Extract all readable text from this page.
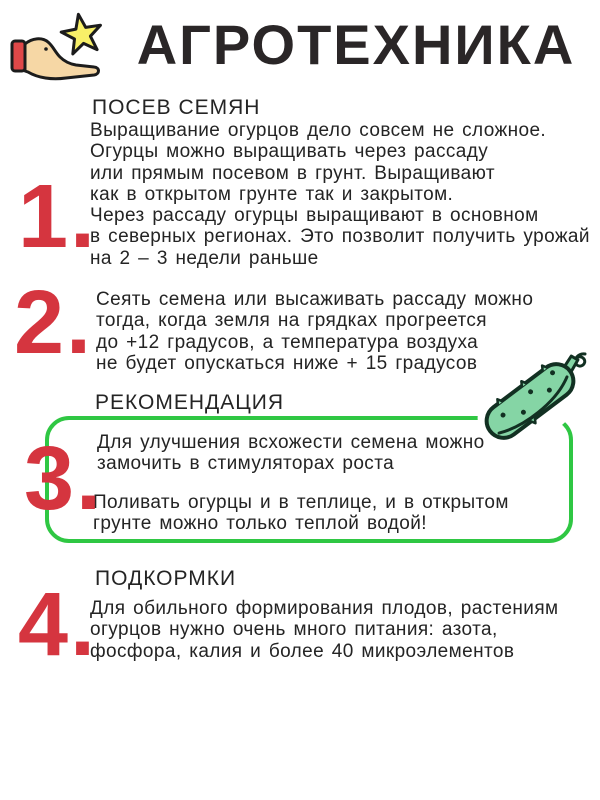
АГРОТЕХНИКА
ПОСЕВ СЕМЯН
Выращивание огурцов дело совсем не сложное.
Огурцы можно выращивать через рассаду
или прямым посевом в грунт. Выращивают
как в открытом грунте так и закрытом.
Через рассаду огурцы выращивают в основном
в северных регионах. Это позволит получить урожай
на 2 – 3 недели раньше
1.
2. Сеять семена или высаживать рассаду можно
тогда, когда земля на грядках прогреется
до +12 градусов, а температура воздуха
не будет опускаться ниже + 15 градусов
РЕКОМЕНДАЦИЯ
3.
Для улучшения всхожести семена можно
замочить в стимуляторах роста
Поливать огурцы и в теплице, и в открытом
грунте можно только теплой водой!
ПОДКОРМКИ
4.
Для обильного формирования плодов, растениям
огурцов нужно очень много питания: азота,
фосфора, калия и более 40 микроэлементов
